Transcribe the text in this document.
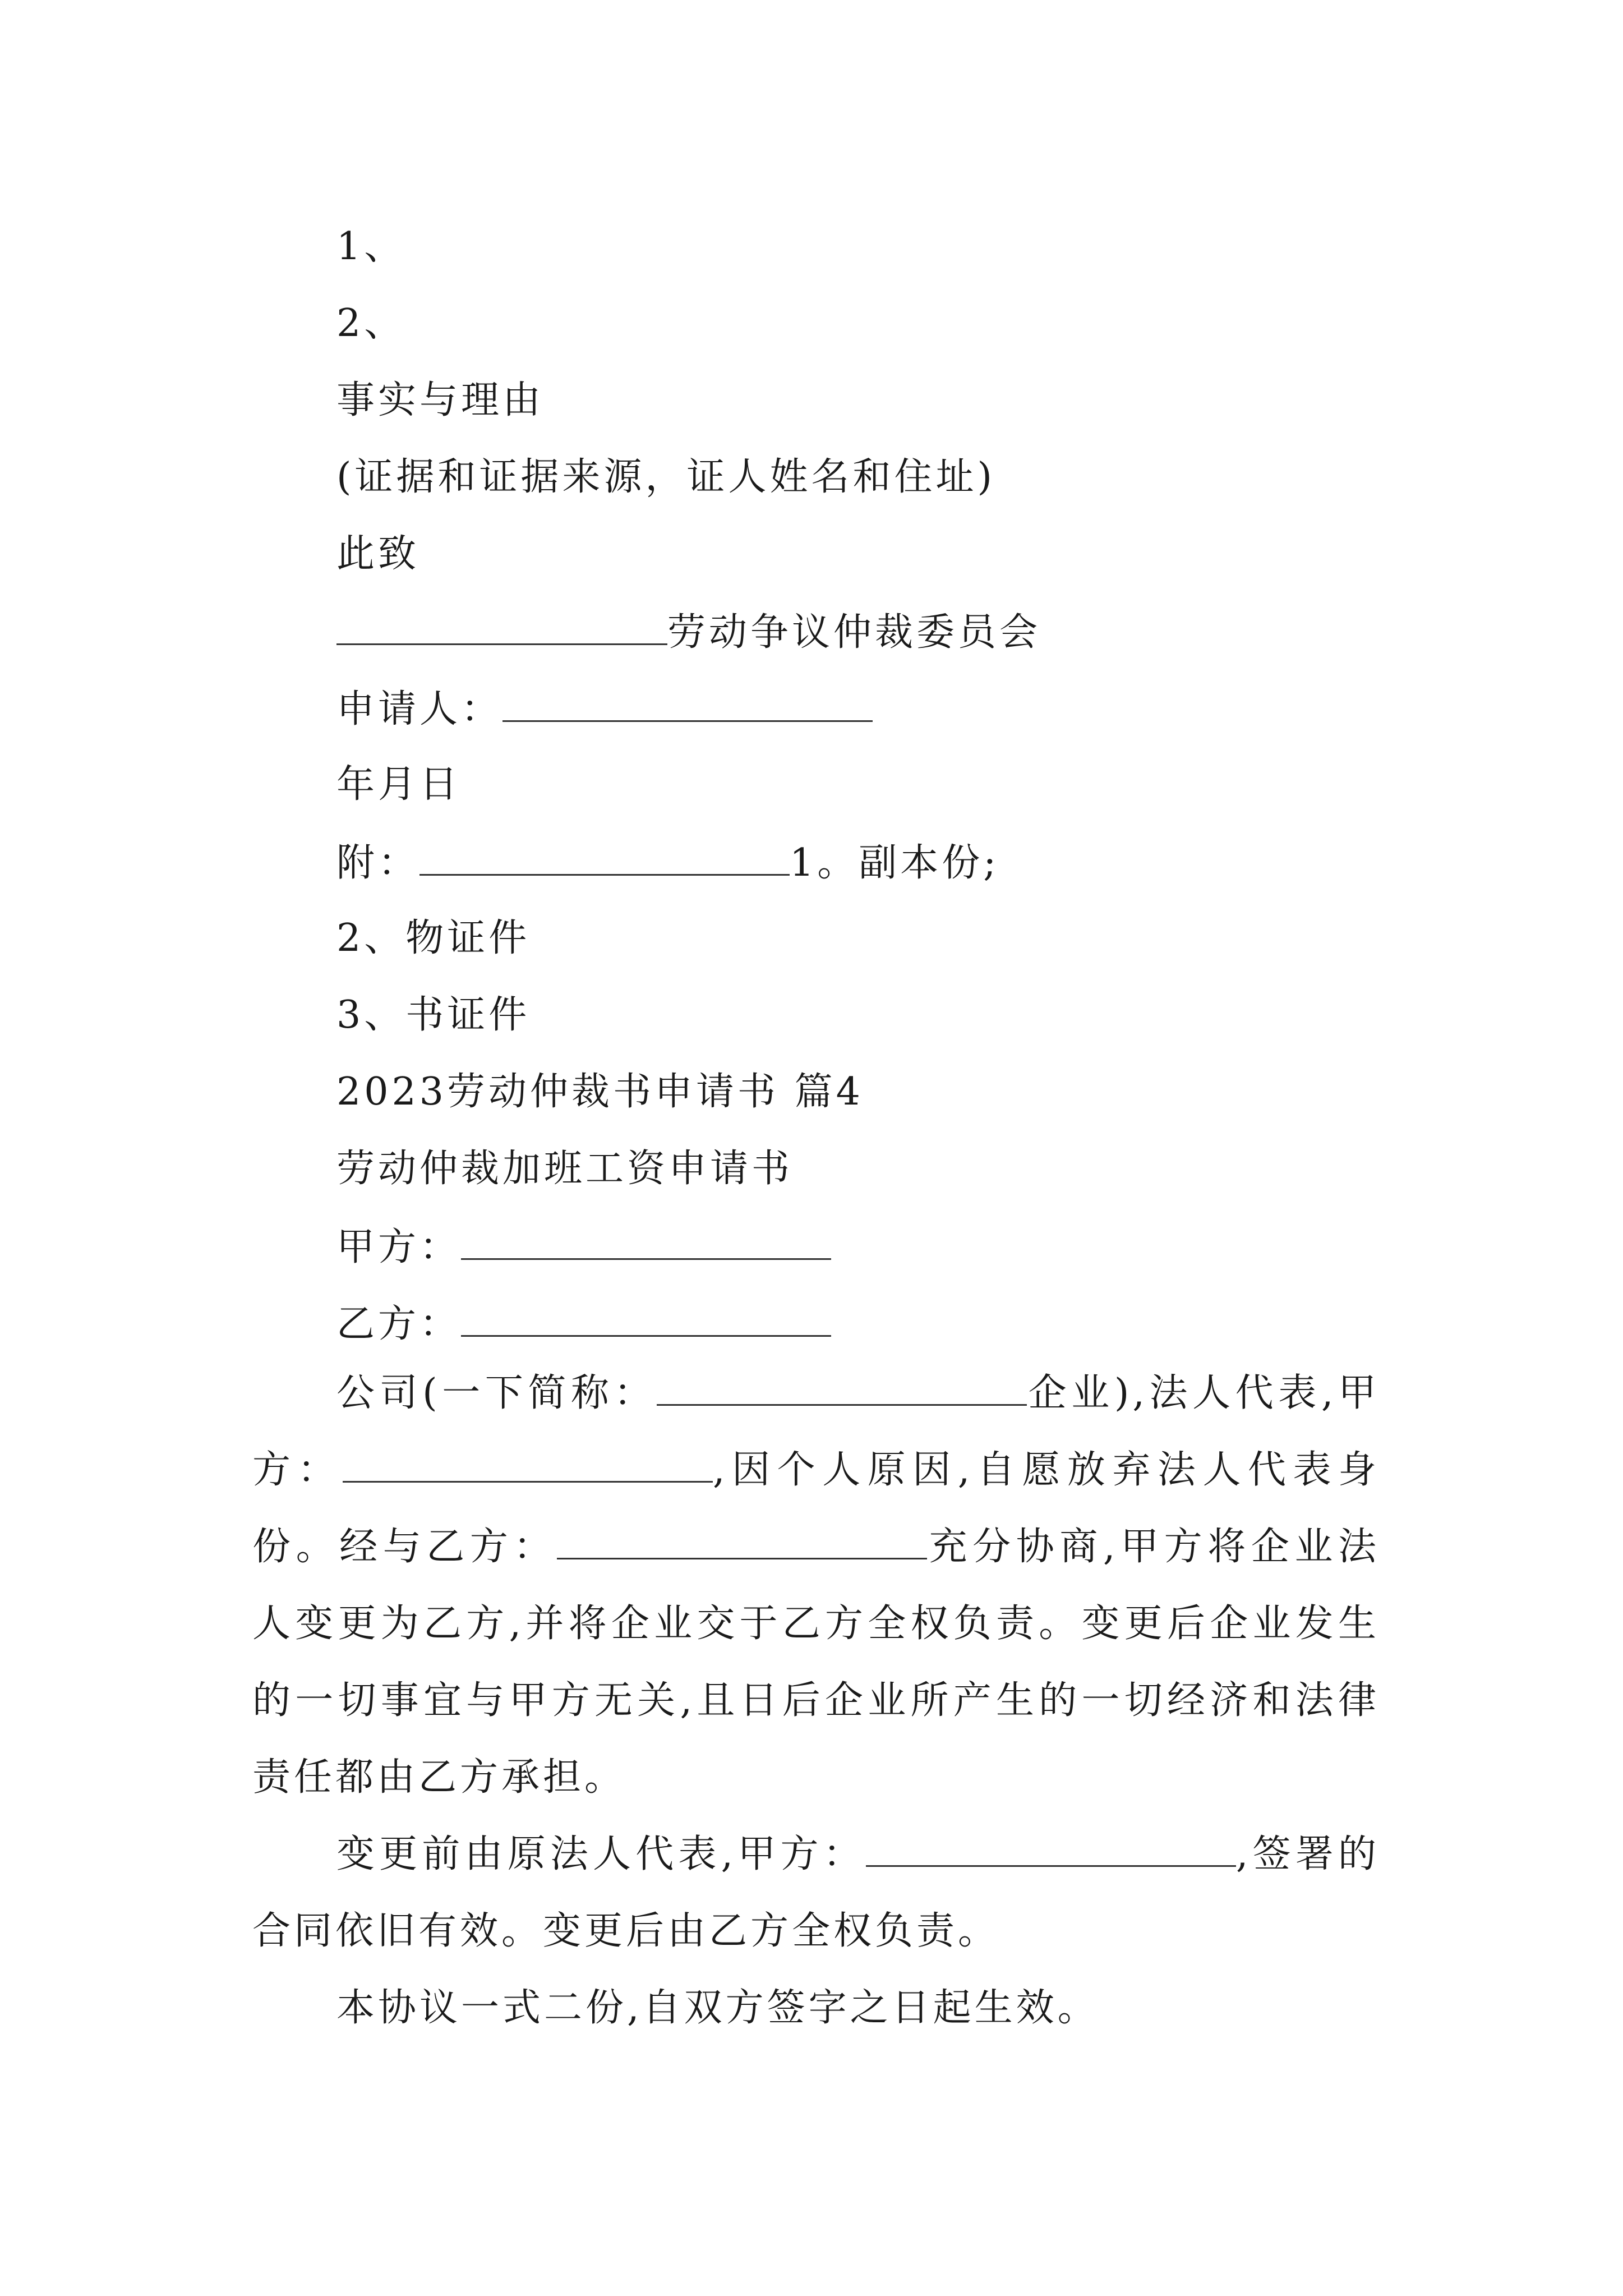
1、
2、
事实与理由
(证据和证据来源，证人姓名和住址)
此致
劳动争议仲裁委员会
申请人：
年月日
附：	1。副本份;
2、物证件
3、书证件
2023劳动仲裁书申请书 篇4
劳动仲裁加班工资申请书
甲方：
乙方：
公司(一下简称：	企业),法人代表,甲方：	,因个人原因,自愿放弃法人代表身份。经与乙方：	充分协商,甲方将企业法人变更为乙方,并将企业交于乙方全权负责。变更后企业发生的一切事宜与甲方无关,且日后企业所产生的一切经济和法律责任都由乙方承担。
变更前由原法人代表,甲方：	,签署的合同依旧有效。变更后由乙方全权负责。
本协议一式二份,自双方签字之日起生效。
